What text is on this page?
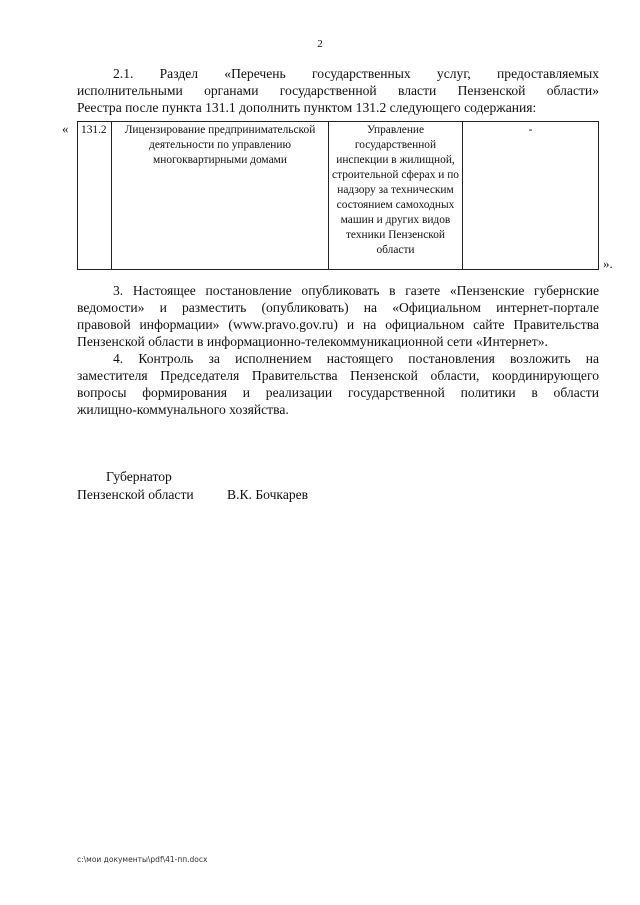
2
2.1. Раздел «Перечень государственных услуг, предоставляемых
исполнительными органами государственной власти Пензенской области»
Реестра после пункта 131.1 дополнить пунктом 131.2 следующего содержания:
« 131.2	Лицензирование предпринимательской деятельности по управлению многоквартирными домами	Управление государственной инспекции в жилищной, строительной сферах и по надзору за техническим состоянием самоходных машин и других видов техники Пензенской области	-
».
3. Настоящее постановление опубликовать в газете «Пензенские губернские
ведомости» и разместить (опубликовать) на «Официальном интернет-портале
правовой информации» (www.pravo.gov.ru) и на официальном сайте Правительства
Пензенской области в информационно-телекоммуникационной сети «Интернет».
4. Контроль за исполнением настоящего постановления возложить на
заместителя Председателя Правительства Пензенской области, координирующего
вопросы формирования и реализации государственной политики в области
жилищно-коммунального хозяйства.
Губернатор
Пензенской области В.К. Бочкарев
c:\мои документы\pdf\41-пп.docx
